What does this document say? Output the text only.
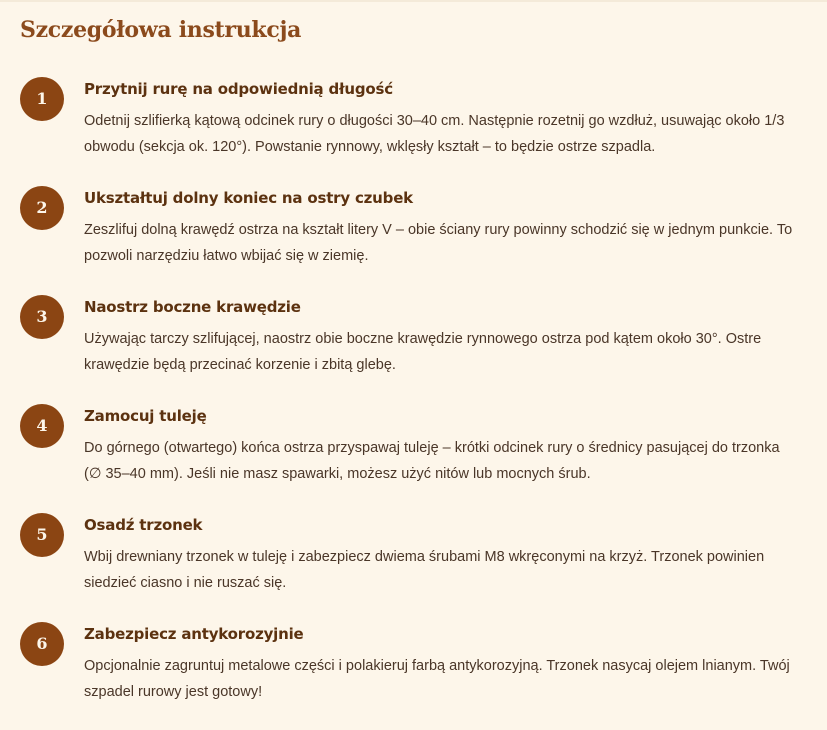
Szczegółowa instrukcja
1	Przytnij rurę na odpowiednią długość

Odetnij szlifierką kątową odcinek rury o długości 30–40 cm. Następnie rozetnij go wzdłuż, usuwając około 1/3 obwodu (sekcja ok. 120°). Powstanie rynnowy, wklęsły kształt – to będzie ostrze szpadla.

2	Ukształtuj dolny koniec na ostry czubek

Zeszlifuj dolną krawędź ostrza na kształt litery V – obie ściany rury powinny schodzić się w jednym punkcie. To pozwoli narzędziu łatwo wbijać się w ziemię.

3	Naostrz boczne krawędzie

Używając tarczy szlifującej, naostrz obie boczne krawędzie rynnowego ostrza pod kątem około 30°. Ostre krawędzie będą przecinać korzenie i zbitą glebę.

4	Zamocuj tuleję

Do górnego (otwartego) końca ostrza przyspawaj tuleję – krótki odcinek rury o średnicy pasującej do trzonka (∅ 35–40 mm). Jeśli nie masz spawarki, możesz użyć nitów lub mocnych śrub.

5	Osadź trzonek

Wbij drewniany trzonek w tuleję i zabezpiecz dwiema śrubami M8 wkręconymi na krzyż. Trzonek powinien siedzieć ciasno i nie ruszać się.

6	Zabezpiecz antykorozyjnie

Opcjonalnie zagruntuj metalowe części i polakieruj farbą antykorozyjną. Trzonek nasycaj olejem lnianym. Twój szpadel rurowy jest gotowy!
